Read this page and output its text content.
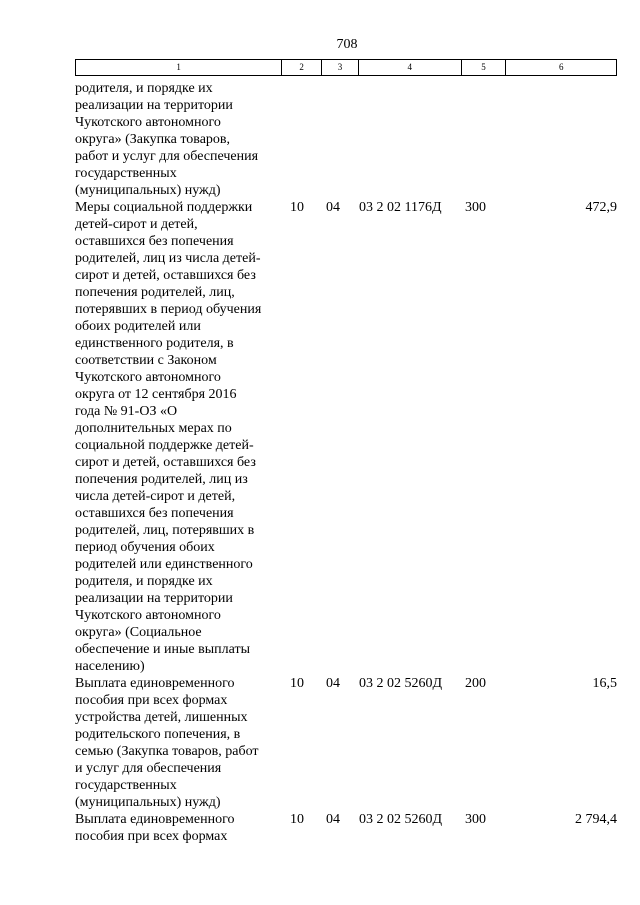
708
1	2	3	4	5	6
родителя, и порядке их
реализации на территории
Чукотского автономного
округа» (Закупка товаров,
работ и услуг для обеспечения
государственных
(муниципальных) нужд)
Меры социальной поддержки
детей-сирот и детей,
оставшихся без попечения
родителей, лиц из числа детей-
сирот и детей, оставшихся без
попечения родителей, лиц,
потерявших в период обучения
обоих родителей или
единственного родителя, в
соответствии с Законом
Чукотского автономного
округа от 12 сентября 2016
года № 91-ОЗ «О
дополнительных мерах по
социальной поддержке детей-
сирот и детей, оставшихся без
попечения родителей, лиц из
числа детей-сирот и детей,
оставшихся без попечения
родителей, лиц, потерявших в
период обучения обоих
родителей или единственного
родителя, и порядке их
реализации на территории
Чукотского автономного
округа» (Социальное
обеспечение и иные выплаты
населению)
10	04	03 2 02 1176Д	300	472,9
Выплата единовременного
пособия при всех формах
устройства детей, лишенных
родительского попечения, в
семью (Закупка товаров, работ
и услуг для обеспечения
государственных
(муниципальных) нужд)
10	04	03 2 02 5260Д	200	16,5
Выплата единовременного
пособия при всех формах
10	04	03 2 02 5260Д	300	2 794,4
